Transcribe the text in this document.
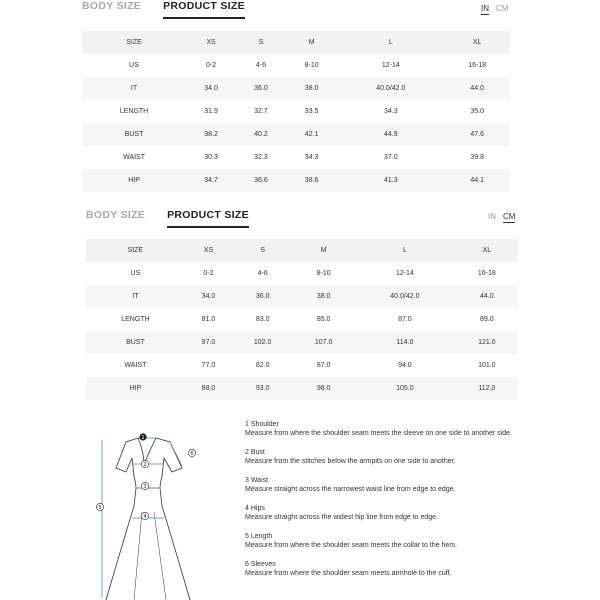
BODY SIZE PRODUCT SIZE	IN CM
SIZE	XS	S	M	L	XL
US	0-2	4-6	8-10	12-14	16-18
IT	34.0	36.0	38.0	40.0/42.0	44.0
LENGTH	31.9	32.7	33.5	34.3	35.0
BUST	38.2	40.2	42.1	44.9	47.6
WAIST	30.3	32.3	34.3	37.0	39.8
HIP	34.7	36.6	38.6	41.3	44.1
BODY SIZE PRODUCT SIZE	IN CM
SIZE	XS	S	M	L	XL
US	0-2	4-6	8-10	12-14	16-18
IT	34.0	36.0	38.0	40.0/42.0	44.0
LENGTH	81.0	83.0	85.0	87.0	89.0
BUST	97.0	102.0	107.0	114.0	121.0
WAIST	77.0	82.0	87.0	94.0	101.0
HIP	88.0	93.0	98.0	105.0	112.0
1
2
3
4
5
6
1 Shoulder
Measure from where the shoulder seam meets the sleeve on one side to another side.
2 Bust
Measure from the stitches below the armpits on one side to another.
3 Waist
Measure straight across the narrowest waist line from edge to edge.
4 Hips
Measure straight across the widest hip line from edge to edge.
5 Length
Measure from where the shoulder seam meets the collar to the hem.
6 Sleeves
Measure from where the shoulder seam meets armhole to the cuff.
